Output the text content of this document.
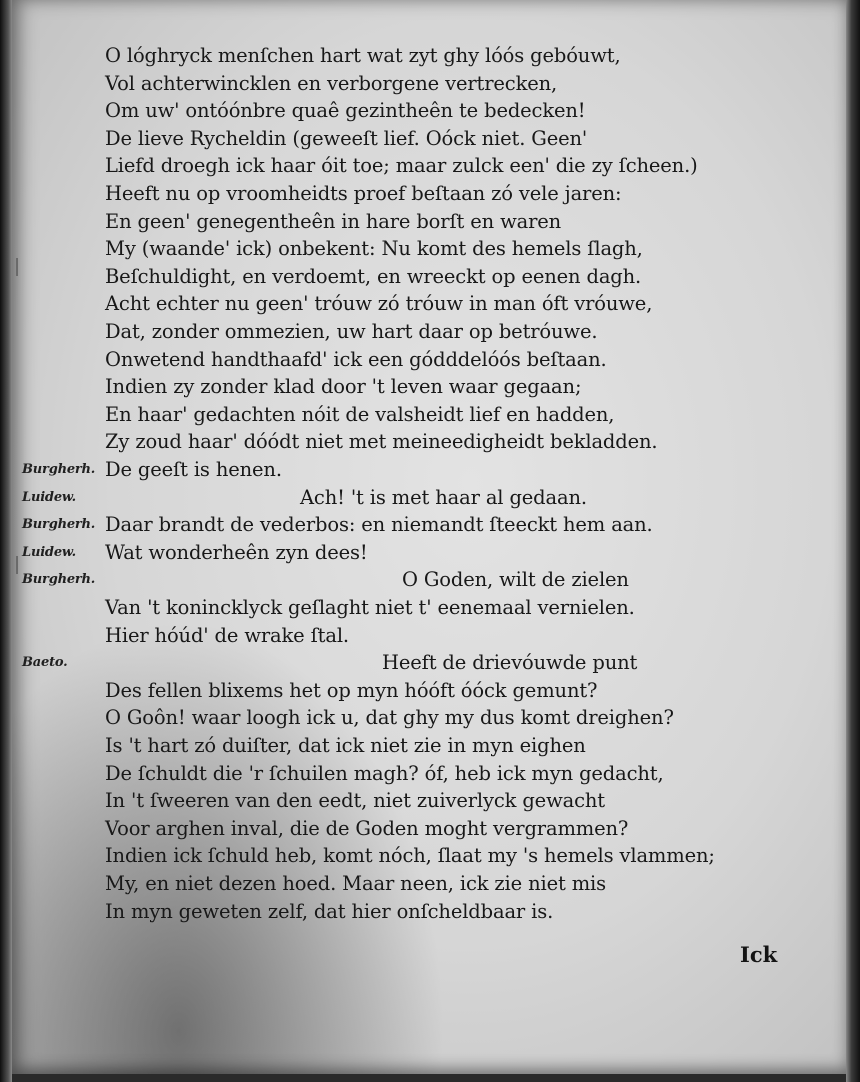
O lóghryck menſchen hart wat zyt ghy lóós gebóuwt,
Vol achterwincklen en verborgene vertrecken,
Om uw' ontóónbre quaê gezintheên te bedecken!
De lieve Rycheldin (geweeſt lief. Oóck niet. Geen'
Liefd droegh ick haar óit toe; maar zulck een' die zy ſcheen.)
Heeft nu op vroomheidts proef beſtaan zó vele jaren:
En geen' genegentheên in hare borſt en waren
My (waande' ick) onbekent: Nu komt des hemels ſlagh,
Beſchuldight, en verdoemt, en wreeckt op eenen dagh.
Acht echter nu geen' tróuw zó tróuw in man óft vróuwe,
Dat, zonder ommezien, uw hart daar op betróuwe.
Onwetend handthaafd' ick een gódddelóós beſtaan.
Indien zy zonder klad door 't leven waar gegaan;
En haar' gedachten nóit de valsheidt lief en hadden,
Zy zoud haar' dóódt niet met meineedigheidt bekladden.
Burgherh. De geeſt is henen.
Luidew.	Ach! 't is met haar al gedaan.
Burgherh. Daar brandt de vederbos: en niemandt ſteeckt hem aan.
Luidew. Wat wonderheên zyn dees!
Burgherh.	O Goden, wilt de zielen
Van 't konincklyck geſlaght niet t' eenemaal vernielen.
Hier hóúd' de wrake ſtal.
Baeto.	Heeft de drievóuwde punt
Des fellen blixems het op myn hóóft óóck gemunt?
O Goôn! waar loogh ick u, dat ghy my dus komt dreighen?
Is 't hart zó duiſter, dat ick niet zie in myn eighen
De ſchuldt die 'r ſchuilen magh? óf, heb ick myn gedacht,
In 't ſweeren van den eedt, niet zuiverlyck gewacht
Voor arghen inval, die de Goden moght vergrammen?
Indien ick ſchuld heb, komt nóch, ſlaat my 's hemels vlammen;
My, en niet dezen hoed. Maar neen, ick zie niet mis
In myn geweten zelf, dat hier onſcheldbaar is.
Ick
